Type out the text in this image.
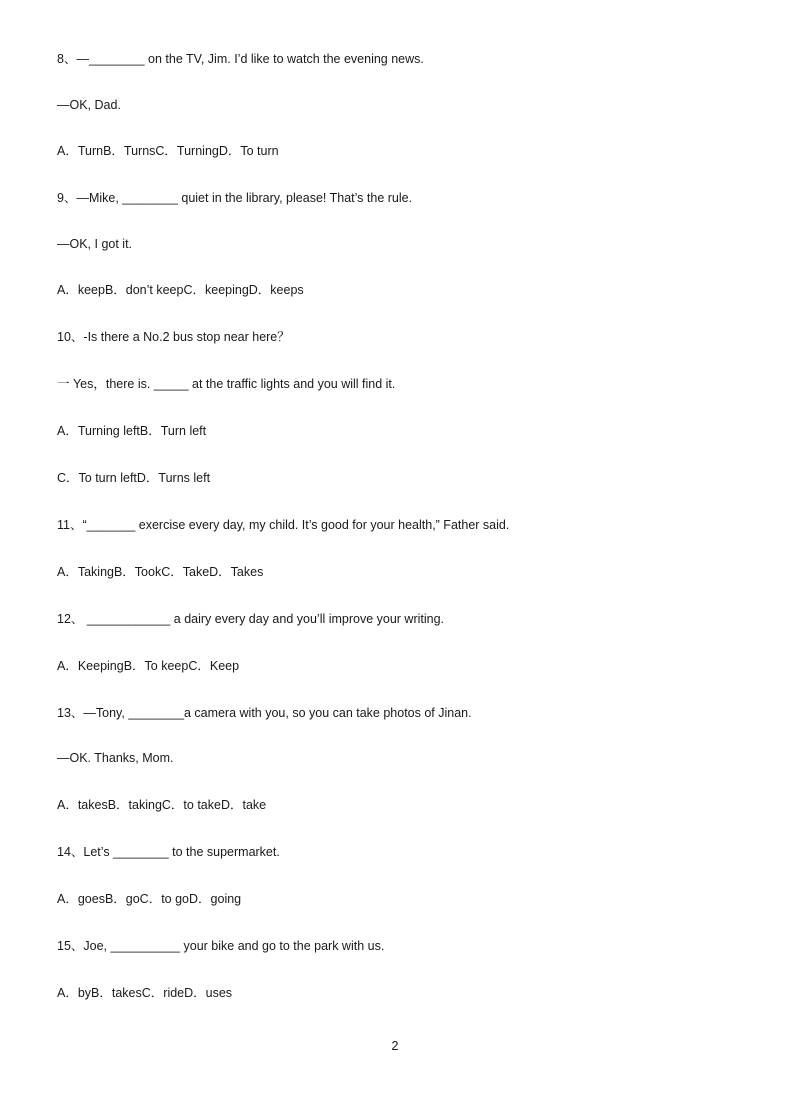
8、—________ on the TV, Jim. I’d like to watch the evening news.

—OK, Dad.

A．TurnB．TurnsC．TurningD．To turn

9、—Mike, ________ quiet in the library, please! That’s the rule.

—OK, I got it.

A．keepB．don’t keepC．keepingD．keeps

10、-Is there a No.2 bus stop near here？

一 Yes，there is. _____ at the traffic lights and you will find it.

A．Turning leftB．Turn left

C．To turn leftD．Turns left

11、“_______ exercise every day, my child. It’s good for your health,” Father said.

A．TakingB．TookC．TakeD．Takes

12、 ____________ a dairy every day and you’ll improve your writing.

A．KeepingB．To keepC．Keep

13、—Tony, ________a camera with you, so you can take photos of Jinan.

—OK. Thanks, Mom.

A．takesB．takingC．to takeD．take

14、Let’s ________ to the supermarket.

A．goesB．goC．to goD．going

15、Joe, __________ your bike and go to the park with us.

A．byB．takesC．rideD．uses

2
